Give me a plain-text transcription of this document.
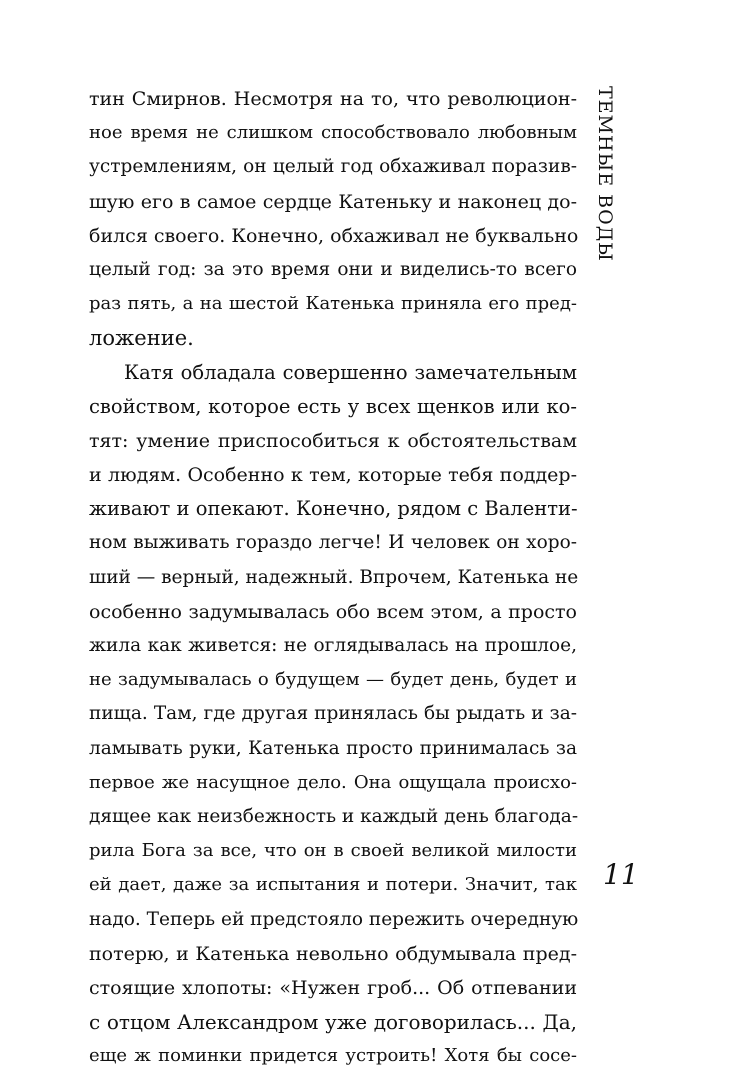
тин Смирнов. Несмотря на то, что революцион-
ное время не слишком способствовало любовным
устремлениям, он целый год обхаживал поразив-
шую его в самое сердце Катеньку и наконец до-
бился своего. Конечно, обхаживал не буквально
целый год: за это время они и виделись-то всего
раз пять, а на шестой Катенька приняла его пред-
ложение.
Катя обладала совершенно замечательным
свойством, которое есть у всех щенков или ко-
тят: умение приспособиться к обстоятельствам
и людям. Особенно к тем, которые тебя поддер-
живают и опекают. Конечно, рядом с Валенти-
ном выживать гораздо легче! И человек он хоро-
ший — верный, надежный. Впрочем, Катенька не
особенно задумывалась обо всем этом, а просто
жила как живется: не оглядывалась на прошлое,
не задумывалась о будущем — будет день, будет и
пища. Там, где другая принялась бы рыдать и за-
ламывать руки, Катенька просто принималась за
первое же насущное дело. Она ощущала происхо-
дящее как неизбежность и каждый день благода-
рила Бога за все, что он в своей великой милости
ей дает, даже за испытания и потери. Значит, так
надо. Теперь ей предстояло пережить очередную
потерю, и Катенька невольно обдумывала пред-
стоящие хлопоты: «Нужен гроб... Об отпевании
с отцом Александром уже договорилась... Да,
еще ж поминки придется устроить! Хотя бы сосе-
ТЕМНЫЕ ВОДЫ
11
